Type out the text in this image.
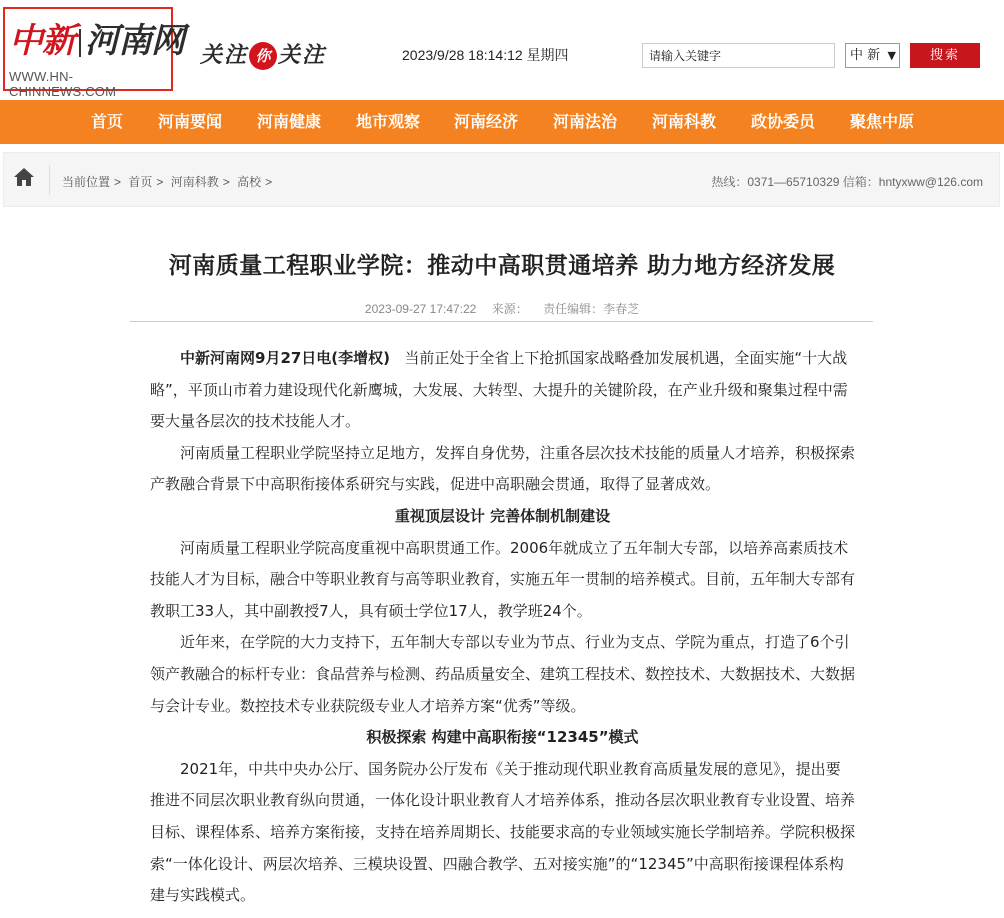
中新 河南网
WWW.HN-CHINNEWS.COM
关注 你的关注	2023/9/28 18:14:12 星期四
请输入关键字	中 新 ▼	搜索
首页 河南要闻 河南健康 地市观察 河南经济 河南法治 河南科教 政协委员 聚焦中原
当前位置 > 首页 > 河南科教 > 高校 >	热线：0371—65710329 信箱：hntyxww@126.com
河南质量工程职业学院：推动中高职贯通培养 助力地方经济发展
2023-09-27 17:47:22 来源： 责任编辑：李春芝

中新河南网9月27日电(李增权) 当前正处于全省上下抢抓国家战略叠加发展机遇，全面实施“十大战略”，平顶山市着力建设现代化新鹰城，大发展、大转型、大提升的关键阶段，在产业升级和聚集过程中需要大量各层次的技术技能人才。

河南质量工程职业学院坚持立足地方，发挥自身优势，注重各层次技术技能的质量人才培养，积极探索产教融合背景下中高职衔接体系研究与实践，促进中高职融会贯通，取得了显著成效。

重视顶层设计 完善体制机制建设

河南质量工程职业学院高度重视中高职贯通工作。2006年就成立了五年制大专部，以培养高素质技术技能人才为目标，融合中等职业教育与高等职业教育，实施五年一贯制的培养模式。目前，五年制大专部有教职工33人，其中副教授7人，具有硕士学位17人，教学班24个。

近年来，在学院的大力支持下，五年制大专部以专业为节点、行业为支点、学院为重点，打造了6个引领产教融合的标杆专业：食品营养与检测、药品质量安全、建筑工程技术、数控技术、大数据技术、大数据与会计专业。数控技术专业获院级专业人才培养方案“优秀”等级。

积极探索 构建中高职衔接“12345”模式

2021年，中共中央办公厅、国务院办公厅发布《关于推动现代职业教育高质量发展的意见》，提出要推进不同层次职业教育纵向贯通，一体化设计职业教育人才培养体系，推动各层次职业教育专业设置、培养目标、课程体系、培养方案衔接，支持在培养周期长、技能要求高的专业领域实施长学制培养。学院积极探索“一体化设计、两层次培养、三模块设置、四融合教学、五对接实施”的“12345”中高职衔接课程体系构建与实践模式。
